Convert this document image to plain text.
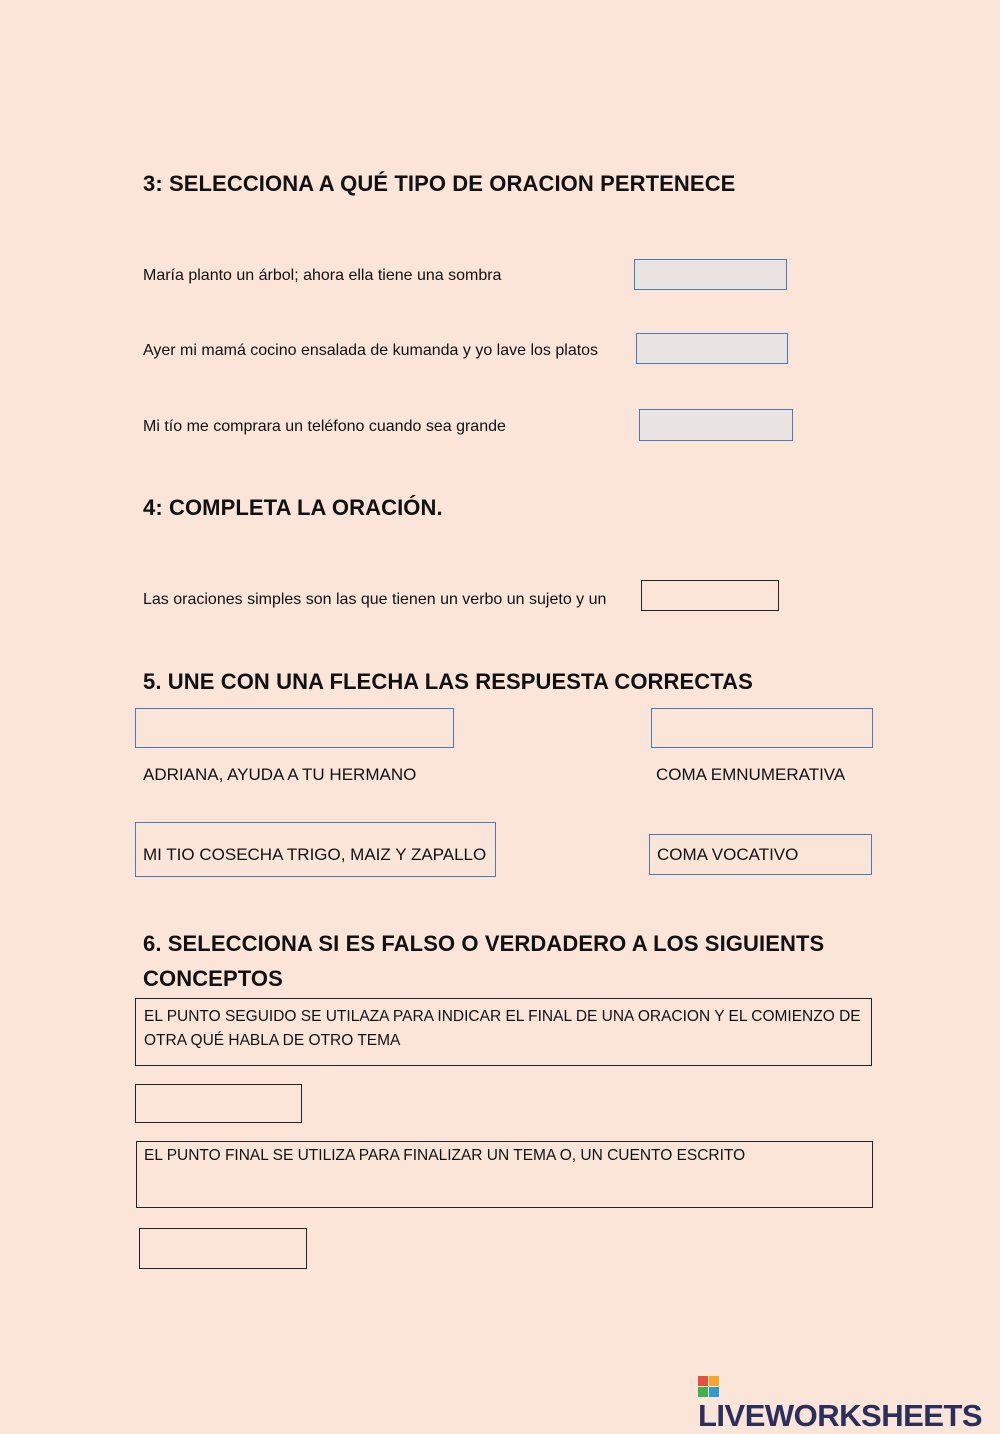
3: SELECCIONA A QUÉ TIPO DE ORACION PERTENECE
María planto un árbol; ahora ella tiene una sombra
Ayer mi mamá cocino ensalada de kumanda y yo lave los platos
Mi tío me comprara un teléfono cuando sea grande
4: COMPLETA LA ORACIÓN.
Las oraciones simples son las que tienen un verbo un sujeto y un
5. UNE CON UNA FLECHA LAS RESPUESTA CORRECTAS
ADRIANA, AYUDA A TU HERMANO	COMA EMNUMERATIVA
MI TIO COSECHA TRIGO, MAIZ Y ZAPALLO	COMA VOCATIVO
6. SELECCIONA SI ES FALSO O VERDADERO A LOS SIGUIENTS
CONCEPTOS
EL PUNTO SEGUIDO SE UTILAZA PARA INDICAR EL FINAL DE UNA ORACION Y EL COMIENZO DE OTRA QUÉ HABLA DE OTRO TEMA
EL PUNTO FINAL SE UTILIZA PARA FINALIZAR UN TEMA O, UN CUENTO ESCRITO
LIVEWORKSHEETS
